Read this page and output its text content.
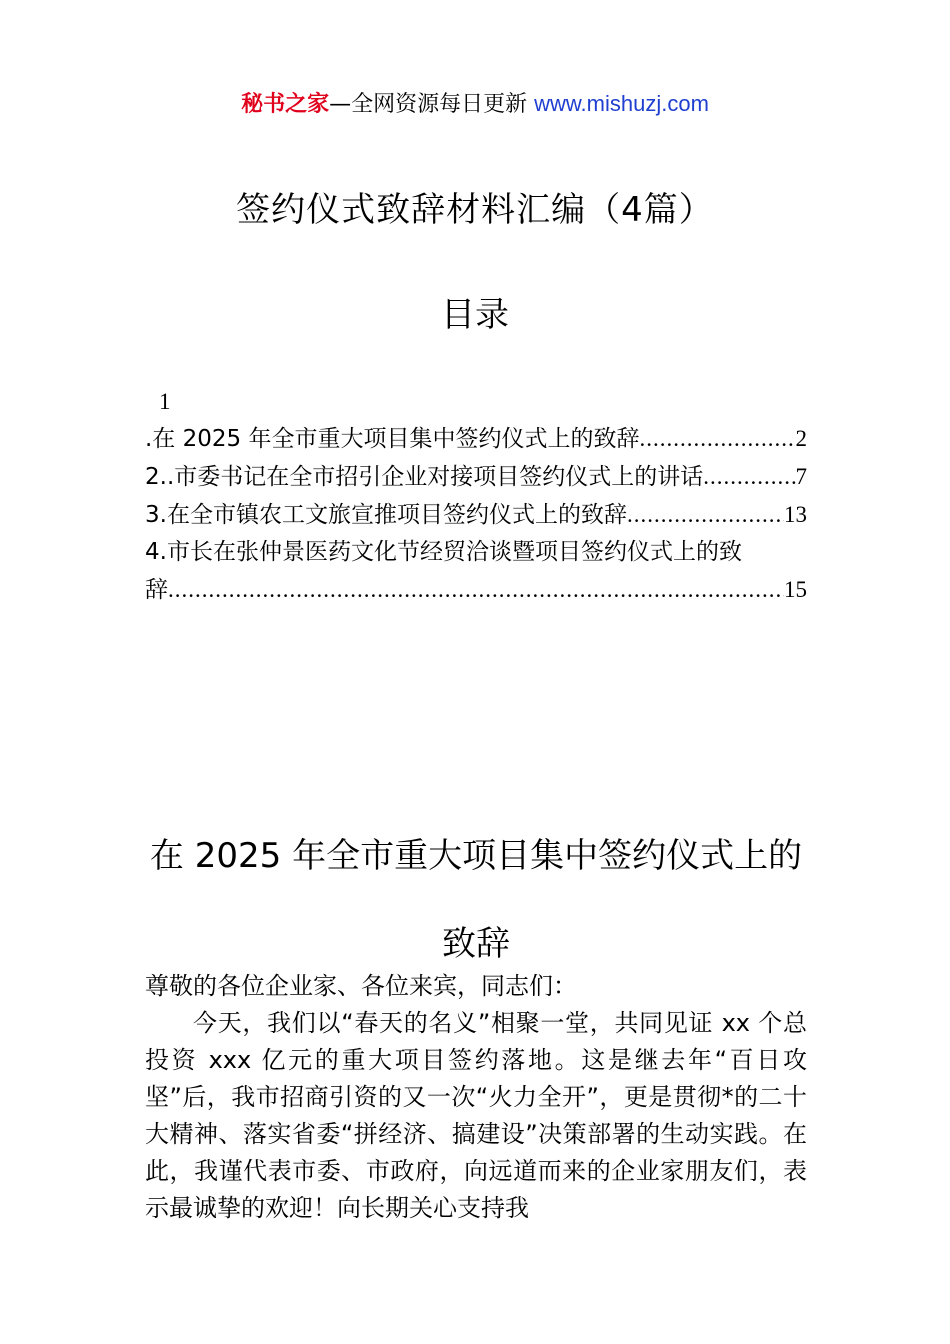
秘书之家—全网资源每日更新 www.mishuzj.com
签约仪式致辞材料汇编（4篇）
目录
1
.在 2025 年全市重大项目集中签约仪式上的致辞 .....	2
2..市委书记在全市招引企业对接项目签约仪式上的讲话 .....	7
3.在全市镇农工文旅宣推项目签约仪式上的致辞 .....	13
4.市长在张仲景医药文化节经贸洽谈暨项目签约仪式上的致
辞 .....	15
在 2025 年全市重大项目集中签约仪式上的
致辞

尊敬的各位企业家、各位来宾，同志们：

今天，我们以“春天的名义”相聚一堂，共同见证 xx 个总投资 xxx 亿元的重大项目签约落地。这是继去年“百日攻坚”后，我市招商引资的又一次“火力全开”，更是贯彻*的二十大精神、落实省委“拼经济、搞建设”决策部署的生动实践。在此，我谨代表市委、市政府，向远道而来的企业家朋友们，表示最诚挚的欢迎！向长期关心支持我
